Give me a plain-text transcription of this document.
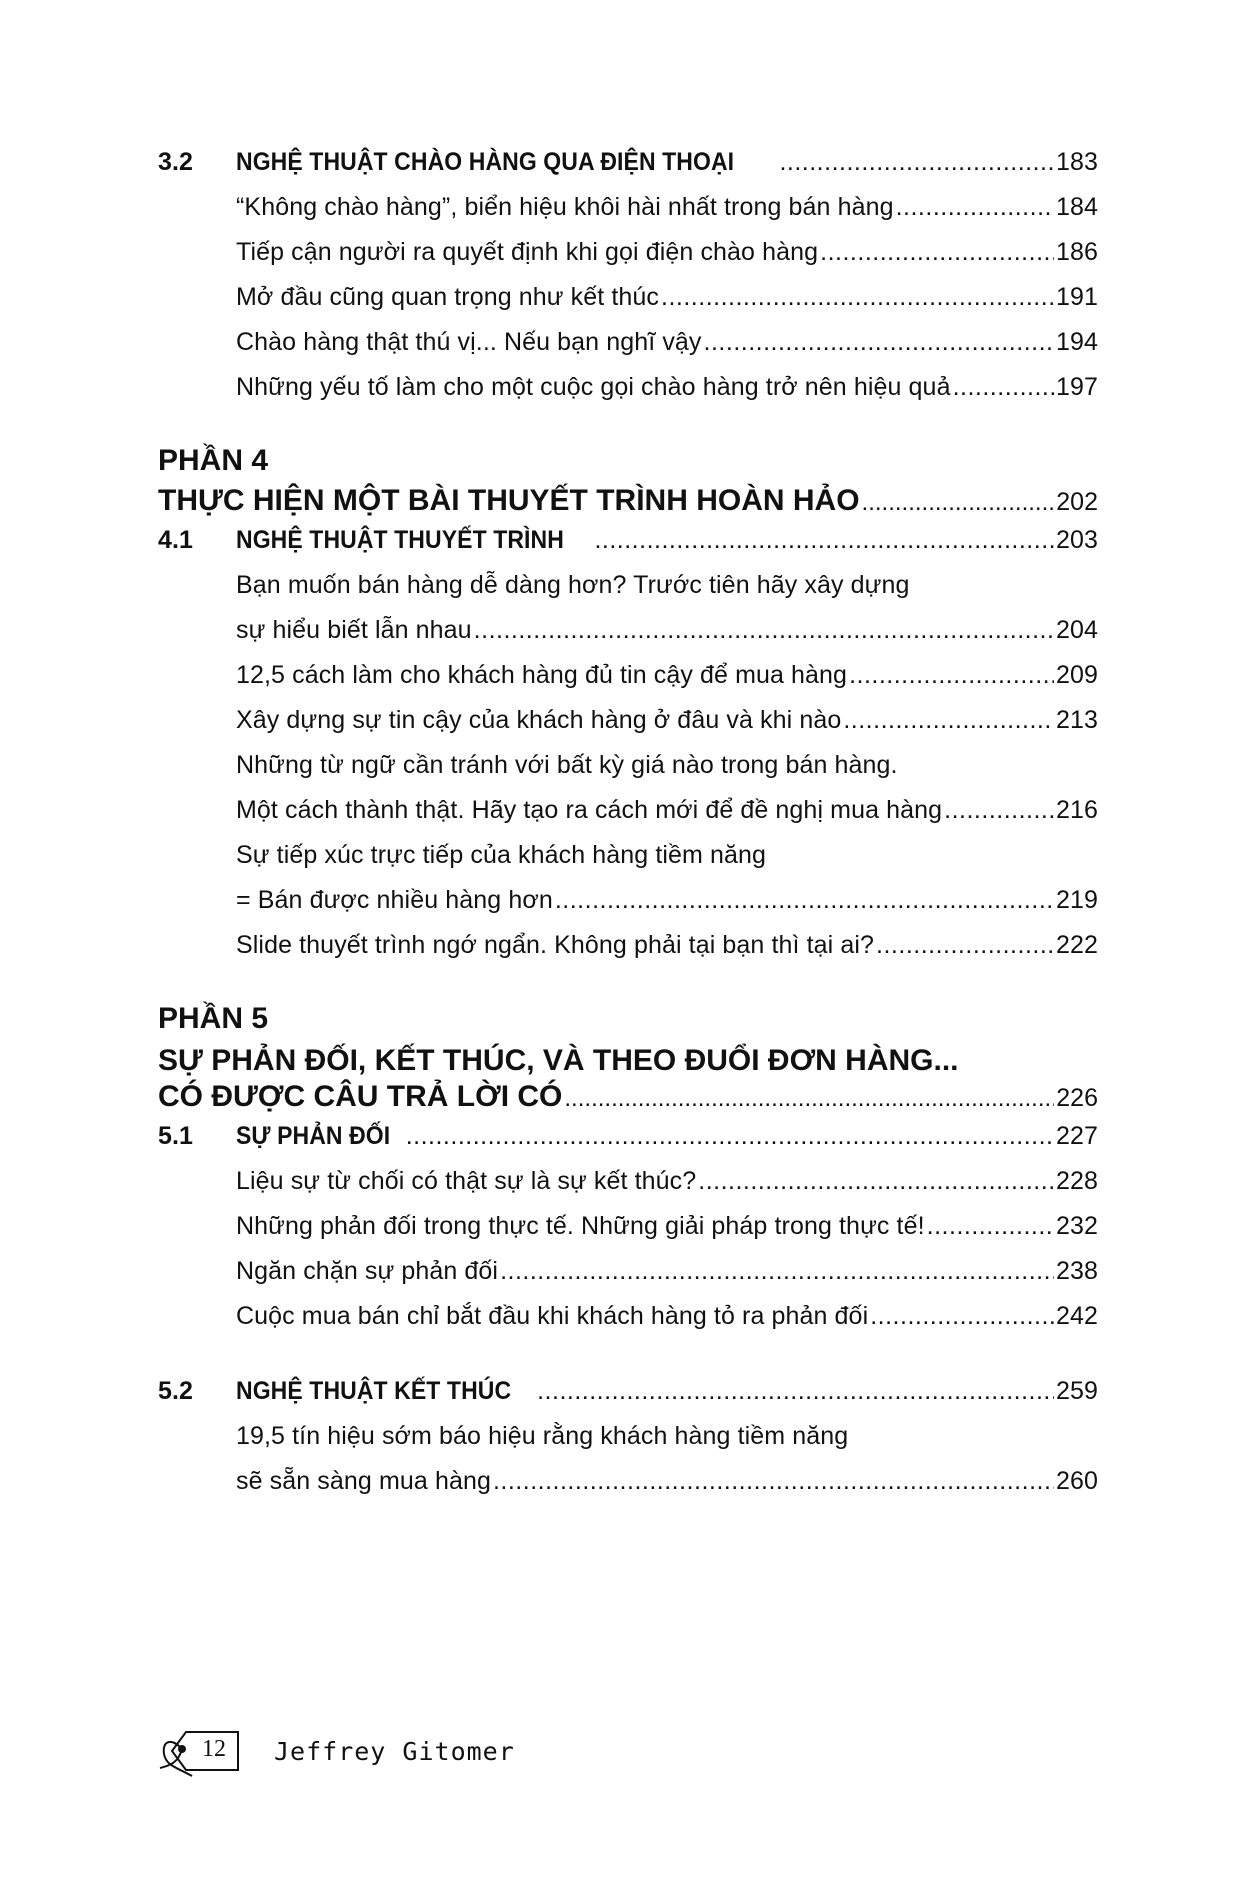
3.2	NGHỆ THUẬT CHÀO HÀNG QUA ĐIỆN THOẠI .....	183
“Không chào hàng”, biển hiệu khôi hài nhất trong bán hàng .....	184
Tiếp cận người ra quyết định khi gọi điện chào hàng .....	186
Mở đầu cũng quan trọng như kết thúc .....	191
Chào hàng thật thú vị... Nếu bạn nghĩ vậy .....	194
Những yếu tố làm cho một cuộc gọi chào hàng trở nên hiệu quả .....	197
PHẦN 4
THỰC HIỆN MỘT BÀI THUYẾT TRÌNH HOÀN HẢO .....	202
4.1	NGHỆ THUẬT THUYẾT TRÌNH .....	203
Bạn muốn bán hàng dễ dàng hơn? Trước tiên hãy xây dựng
sự hiểu biết lẫn nhau .....	204
12,5 cách làm cho khách hàng đủ tin cậy để mua hàng .....	209
Xây dựng sự tin cậy của khách hàng ở đâu và khi nào .....	213
Những từ ngữ cần tránh với bất kỳ giá nào trong bán hàng.
Một cách thành thật. Hãy tạo ra cách mới để đề nghị mua hàng .....	216
Sự tiếp xúc trực tiếp của khách hàng tiềm năng
= Bán được nhiều hàng hơn .....	219
Slide thuyết trình ngớ ngẩn. Không phải tại bạn thì tại ai? .....	222
PHẦN 5
SỰ PHẢN ĐỐI, KẾT THÚC, VÀ THEO ĐUỔI ĐƠN HÀNG...
CÓ ĐƯỢC CÂU TRẢ LỜI CÓ .....	226
5.1	SỰ PHẢN ĐỐI .....	227
Liệu sự từ chối có thật sự là sự kết thúc? .....	228
Những phản đối trong thực tế. Những giải pháp trong thực tế! .....	232
Ngăn chặn sự phản đối .....	238
Cuộc mua bán chỉ bắt đầu khi khách hàng tỏ ra phản đối .....	242
5.2	NGHỆ THUẬT KẾT THÚC .....	259
19,5 tín hiệu sớm báo hiệu rằng khách hàng tiềm năng
sẽ sẵn sàng mua hàng .....	260
12 Jeffrey Gitomer
